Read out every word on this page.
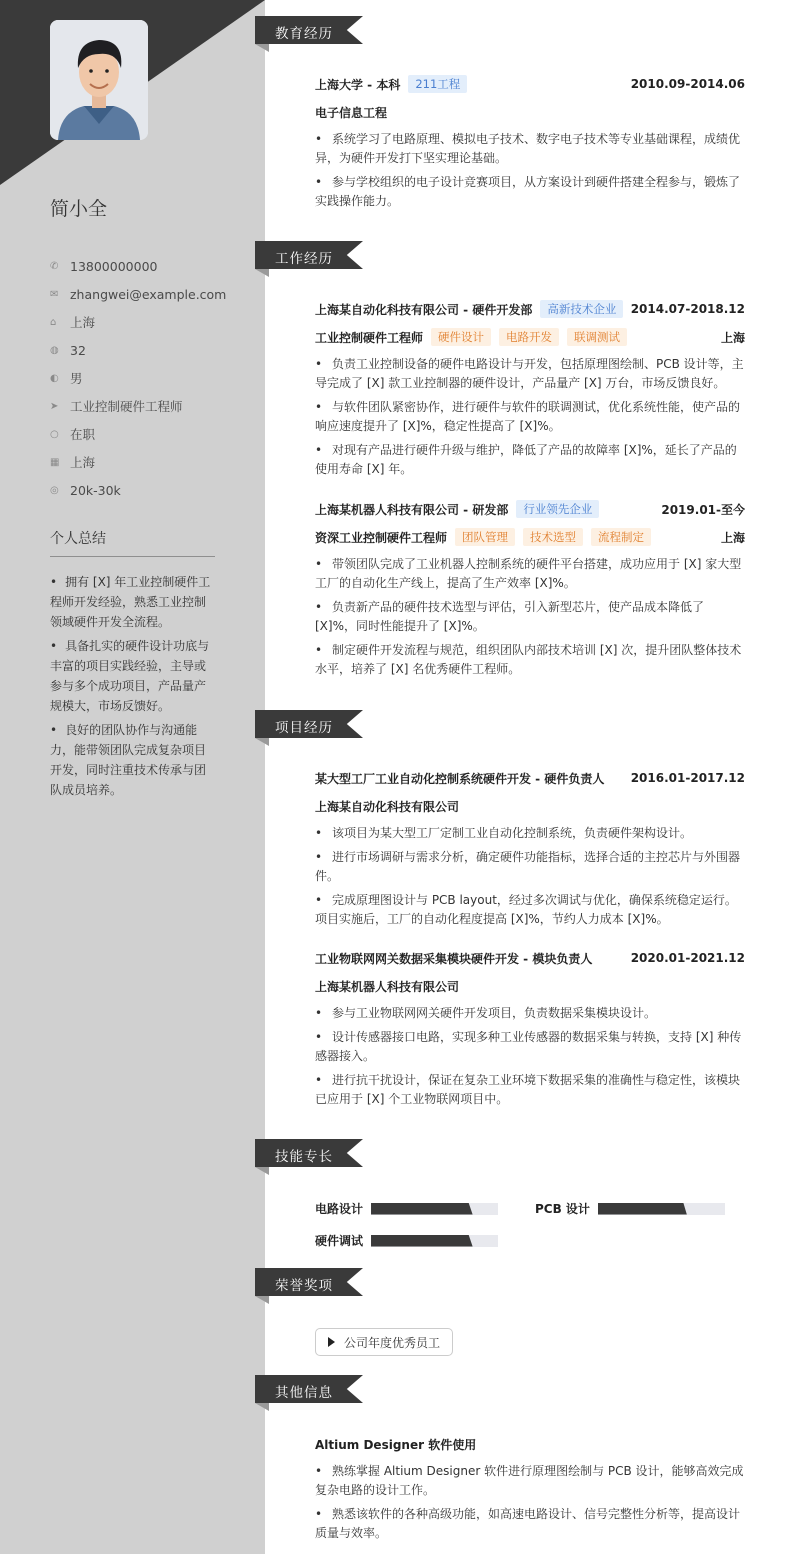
简小全
✆ 13800000000
✉ zhangwei@example.com
⌂	上海
◍ 32
◐ 男
➤ 工业控制硬件工程师
○ 在职
▦ 上海
◎ 20k-30k
个人总结
• 拥有 [X] 年工业控制硬件工程师开发经验，熟悉工业控制领域硬件开发全流程。
• 具备扎实的硬件设计功底与丰富的项目实践经验，主导或参与多个成功项目，产品量产规模大，市场反馈好。
• 良好的团队协作与沟通能力，能带领团队完成复杂项目开发，同时注重技术传承与团队成员培养。
教育经历
上海大学 - 本科	211工程	2010.09-2014.06
电子信息工程
• 系统学习了电路原理、模拟电子技术、数字电子技术等专业基础课程，成绩优异，为硬件开发打下坚实理论基础。
• 参与学校组织的电子设计竞赛项目，从方案设计到硬件搭建全程参与，锻炼了实践操作能力。
工作经历
上海某自动化科技有限公司 - 硬件开发部	高新技术企业	2014.07-2018.12
工业控制硬件工程师	硬件设计	电路开发	联调测试	上海
• 负责工业控制设备的硬件电路设计与开发，包括原理图绘制、PCB 设计等，主导完成了 [X] 款工业控制器的硬件设计，产品量产 [X] 万台，市场反馈良好。
• 与软件团队紧密协作，进行硬件与软件的联调测试，优化系统性能，使产品的响应速度提升了 [X]%，稳定性提高了 [X]%。
• 对现有产品进行硬件升级与维护，降低了产品的故障率 [X]%，延长了产品的使用寿命 [X] 年。
上海某机器人科技有限公司 - 研发部	行业领先企业	2019.01-至今
资深工业控制硬件工程师	团队管理	技术选型	流程制定	上海
• 带领团队完成了工业机器人控制系统的硬件平台搭建，成功应用于 [X] 家大型工厂的自动化生产线上，提高了生产效率 [X]%。
• 负责新产品的硬件技术选型与评估，引入新型芯片，使产品成本降低了 [X]%，同时性能提升了 [X]%。
• 制定硬件开发流程与规范，组织团队内部技术培训 [X] 次，提升团队整体技术水平，培养了 [X] 名优秀硬件工程师。
项目经历
某大型工厂工业自动化控制系统硬件开发 - 硬件负责人 2016.01-2017.12
上海某自动化科技有限公司
• 该项目为某大型工厂定制工业自动化控制系统，负责硬件架构设计。
• 进行市场调研与需求分析，确定硬件功能指标，选择合适的主控芯片与外围器件。
• 完成原理图设计与 PCB layout，经过多次调试与优化，确保系统稳定运行。项目实施后，工厂的自动化程度提高 [X]%，节约人力成本 [X]%。
工业物联网网关数据采集模块硬件开发 - 模块负责人	2020.01-2021.12
上海某机器人科技有限公司
• 参与工业物联网网关硬件开发项目，负责数据采集模块设计。
• 设计传感器接口电路，实现多种工业传感器的数据采集与转换，支持 [X] 种传感器接入。
• 进行抗干扰设计，保证在复杂工业环境下数据采集的准确性与稳定性，该模块已应用于 [X] 个工业物联网项目中。
技能专长
电路设计	PCB 设计
硬件调试
荣誉奖项
公司年度优秀员工
其他信息
Altium Designer 软件使用
• 熟练掌握 Altium Designer 软件进行原理图绘制与 PCB 设计，能够高效完成复杂电路的设计工作。
• 熟悉该软件的各种高级功能，如高速电路设计、信号完整性分析等，提高设计质量与效率。
